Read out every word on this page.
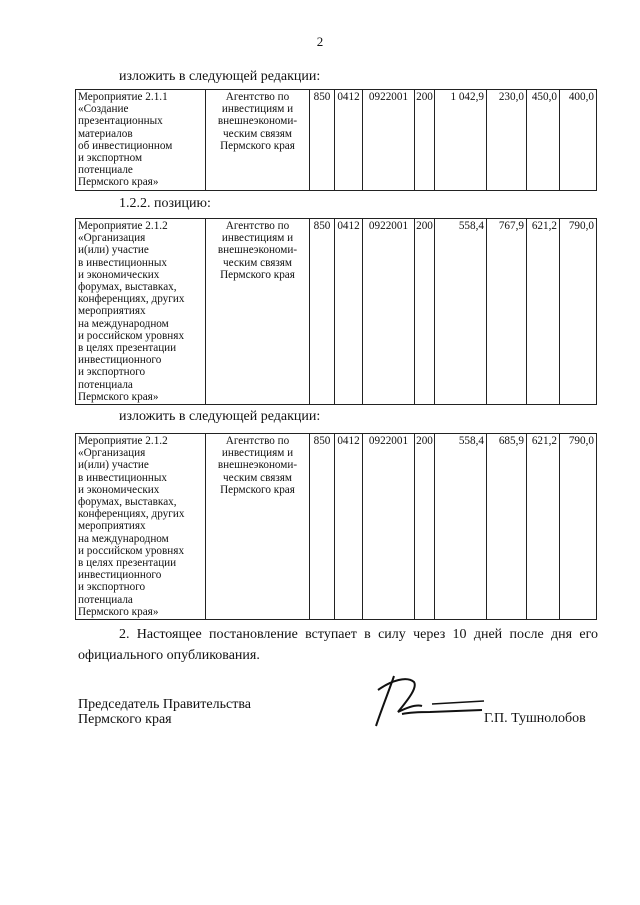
2
изложить в следующей редакции:
Мероприятие 2.1.1
«Создание
презентационных
материалов
об инвестиционном
и экспортном
потенциале
Пермского края»	Агентство по инвестициям и внешнеэкономи-ческим связям Пермского края	850	0412	0922001	200	1 042,9	230,0	450,0	400,0
1.2.2. позицию:
Мероприятие 2.1.2
«Организация
и(или) участие
в инвестиционных
и экономических
форумах, выставках,
конференциях, других
мероприятиях
на международном
и российском уровнях
в целях презентации
инвестиционного
и экспортного
потенциала
Пермского края»	Агентство по инвестициям и внешнеэкономи-ческим связям Пермского края	850	0412	0922001	200	558,4	767,9	621,2	790,0
изложить в следующей редакции:
Мероприятие 2.1.2
«Организация
и(или) участие
в инвестиционных
и экономических
форумах, выставках,
конференциях, других
мероприятиях
на международном
и российском уровнях
в целях презентации
инвестиционного
и экспортного
потенциала
Пермского края»	Агентство по инвестициям и внешнеэкономи-ческим связям Пермского края	850	0412	0922001	200	558,4	685,9	621,2	790,0
2. Настоящее постановление вступает в силу через 10 дней после дня его официального опубликования.
Председатель Правительства
Пермского края	Г.П. Тушнолобов
